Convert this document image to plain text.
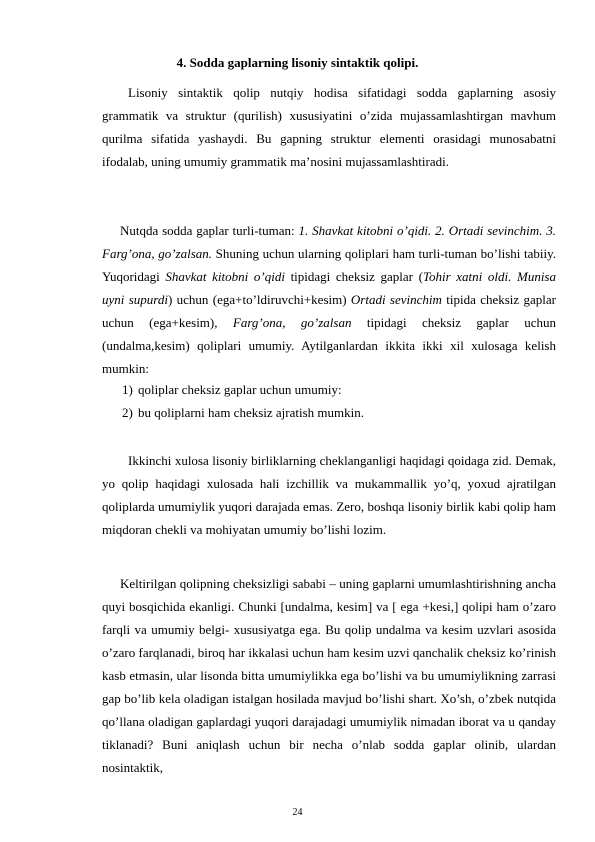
4. Sodda gaplarning lisoniy sintaktik qolipi.
Lisoniy sintaktik qolip nutqiy hodisa sifatidagi sodda gaplarning asosiy grammatik va struktur (qurilish) xususiyatini o’zida mujassamlashtirgan mavhum qurilma sifatida yashaydi. Bu gapning struktur elementi orasidagi munosabatni ifodalab, uning umumiy grammatik ma’nosini mujassamlashtiradi.
Nutqda sodda gaplar turli-tuman: 1. Shavkat kitobni o’qidi. 2. Ortadi sevinchim. 3. Farg’ona, go’zalsan. Shuning uchun ularning qoliplari ham turli-tuman bo’lishi tabiiy. Yuqoridagi Shavkat kitobni o’qidi tipidagi cheksiz gaplar (Tohir xatni oldi. Munisa uyni supurdi) uchun (ega+to’ldiruvchi+kesim) Ortadi sevinchim tipida cheksiz gaplar uchun (ega+kesim), Farg’ona, go’zalsan tipidagi cheksiz gaplar uchun (undalma,kesim) qoliplari umumiy. Aytilganlardan ikkita ikki xil xulosaga kelish mumkin:
1) qoliplar cheksiz gaplar uchun umumiy:
2) bu qoliplarni ham cheksiz ajratish mumkin.
Ikkinchi xulosa lisoniy birliklarning cheklanganligi haqidagi qoidaga zid. Demak, yo qolip haqidagi xulosada hali izchillik va mukammallik yo’q, yoxud ajratilgan qoliplarda umumiylik yuqori darajada emas. Zero, boshqa lisoniy birlik kabi qolip ham miqdoran chekli va mohiyatan umumiy bo’lishi lozim.
Keltirilgan qolipning cheksizligi sababi – uning gaplarni umumlashtirishning ancha quyi bosqichida ekanligi. Chunki [undalma, kesim] va [ ega +kesi,] qolipi ham o’zaro farqli va umumiy belgi- xususiyatga ega. Bu qolip undalma va kesim uzvlari asosida o’zaro farqlanadi, biroq har ikkalasi uchun ham kesim uzvi qanchalik cheksiz ko’rinish kasb etmasin, ular lisonda bitta umumiylikka ega bo’lishi va bu umumiylikning zarrasi gap bo’lib kela oladigan istalgan hosilada mavjud bo’lishi shart. Xo’sh, o’zbek nutqida qo’llana oladigan gaplardagi yuqori darajadagi umumiylik nimadan iborat va u qanday tiklanadi? Buni aniqlash uchun bir necha o’nlab sodda gaplar olinib, ulardan nosintaktik,
24
